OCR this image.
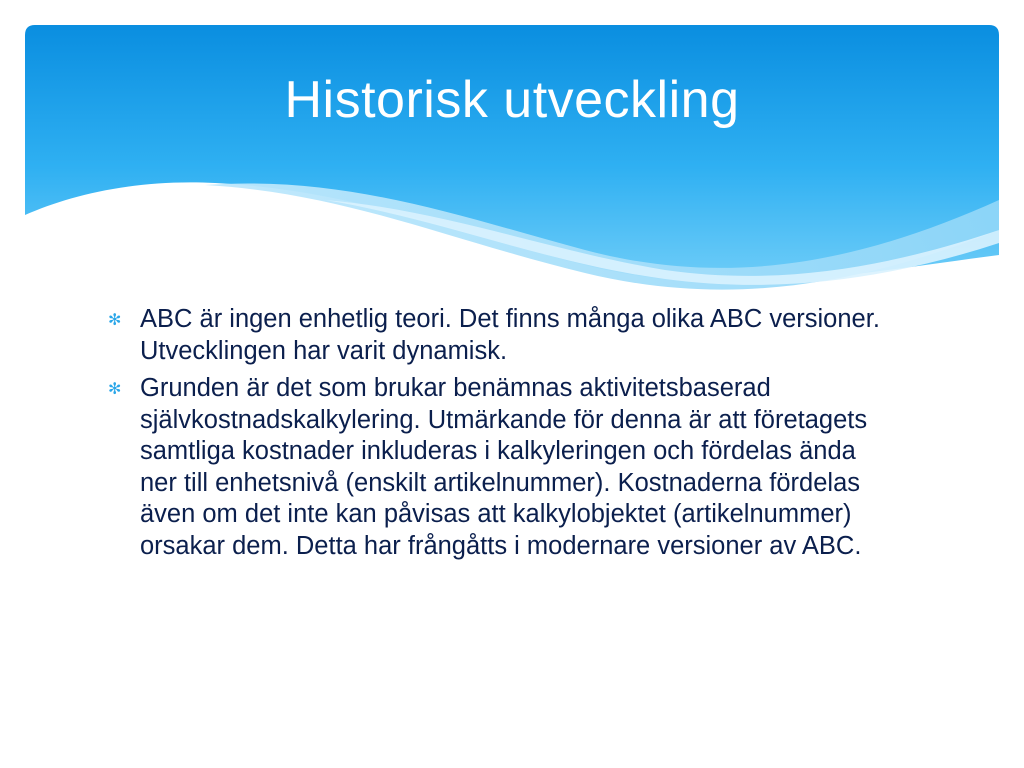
Historisk utveckling
✻ ABC är ingen enhetlig teori. Det finns många olika ABC versioner. Utvecklingen har varit dynamisk.
✻ Grunden är det som brukar benämnas aktivitetsbaserad självkostnadskalkylering. Utmärkande för denna är att företagets samtliga kostnader inkluderas i kalkyleringen och fördelas ända ner till enhetsnivå (enskilt artikelnummer). Kostnaderna fördelas även om det inte kan påvisas att kalkylobjektet (artikelnummer) orsakar dem. Detta har frångåtts i modernare versioner av ABC.
